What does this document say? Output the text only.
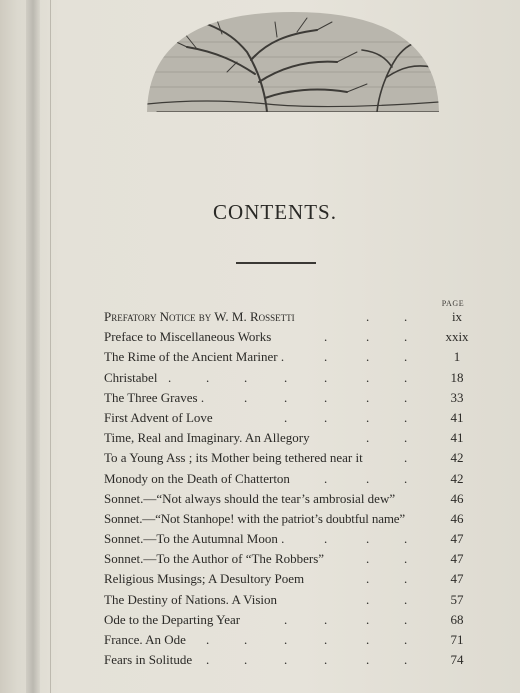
CONTENTS.
PAGE
Prefatory Notice by W. M. Rossetti	.	.	ix
Preface to Miscellaneous Works	.	.	.	xxix
The Rime of the Ancient Mariner .	.	.	.	1
Christabel .	.	.	.	.	.	.	18
The Three Graves .	.	.	.	.	.	33
First Advent of Love	.	.	.	.	41
Time, Real and Imaginary. An Allegory	.	.	41
To a Young Ass ; its Mother being tethered near it	.	42
Monody on the Death of Chatterton	.	.	.	42
Sonnet.—“Not always should the tear’s ambrosial dew”	46
Sonnet.—“Not Stanhope! with the patriot’s doubtful name”	46
Sonnet.—To the Autumnal Moon .	.	.	.	47
Sonnet.—To the Author of “The Robbers”	.	.	47
Religious Musings; A Desultory Poem	.	.	47
The Destiny of Nations. A Vision	.	.	57
Ode to the Departing Year	.	.	.	.	68
France. An Ode .	.	.	.	.	.	71
Fears in Solitude .	.	.	.	.	.	74
